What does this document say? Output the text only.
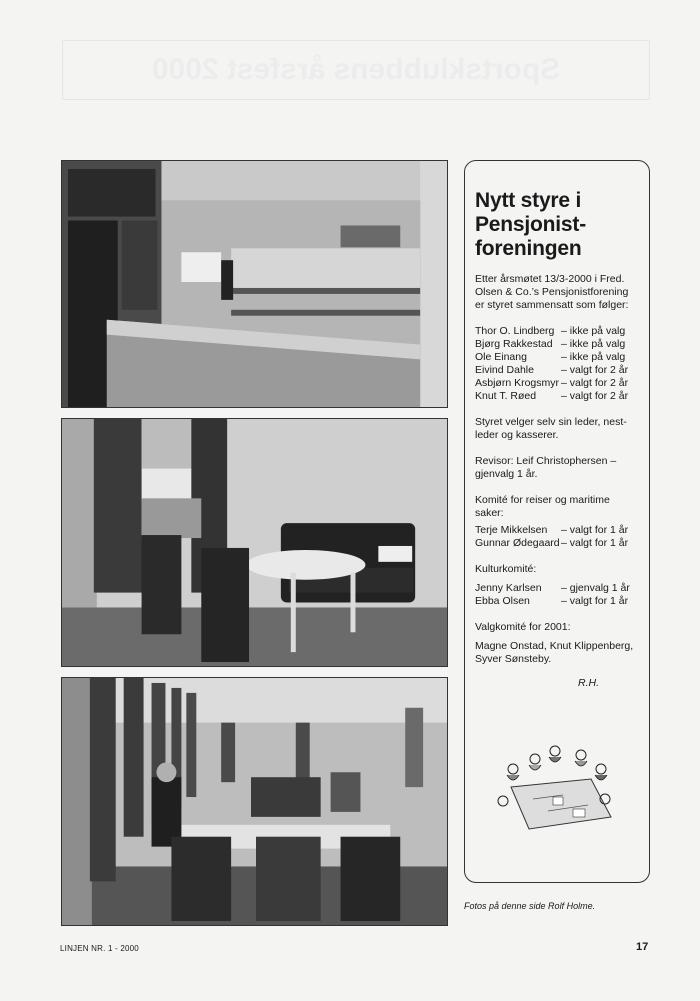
Sportsklubbens årsfest 2000
Nytt styre i Pensjonist-foreningen
Etter årsmøtet 13/3-2000 i Fred. Olsen & Co.’s Pensjonistforening er styret sammensatt som følger:
Thor O. Lindberg – ikke på valg
Bjørg Rakkestad – ikke på valg
Ole Einang	– ikke på valg
Eivind Dahle	– valgt for 2 år
Asbjørn Krogsmyr – valgt for 2 år
Knut T. Røed	– valgt for 2 år
Styret velger selv sin leder, nest-leder og kasserer.
Revisor: Leif Christophersen – gjenvalg 1 år.
Komité for reiser og maritime saker:
Terje Mikkelsen	– valgt for 1 år
Gunnar Ødegaard – valgt for 1 år
Kulturkomité:
Jenny Karlsen	– gjenvalg 1 år
Ebba Olsen	– valgt for 1 år
Valgkomité for 2001:
Magne Onstad, Knut Klippenberg, Syver Sønsteby.
R.H.
Fotos på denne side Rolf Holme.
LINJEN NR. 1 - 2000	17
